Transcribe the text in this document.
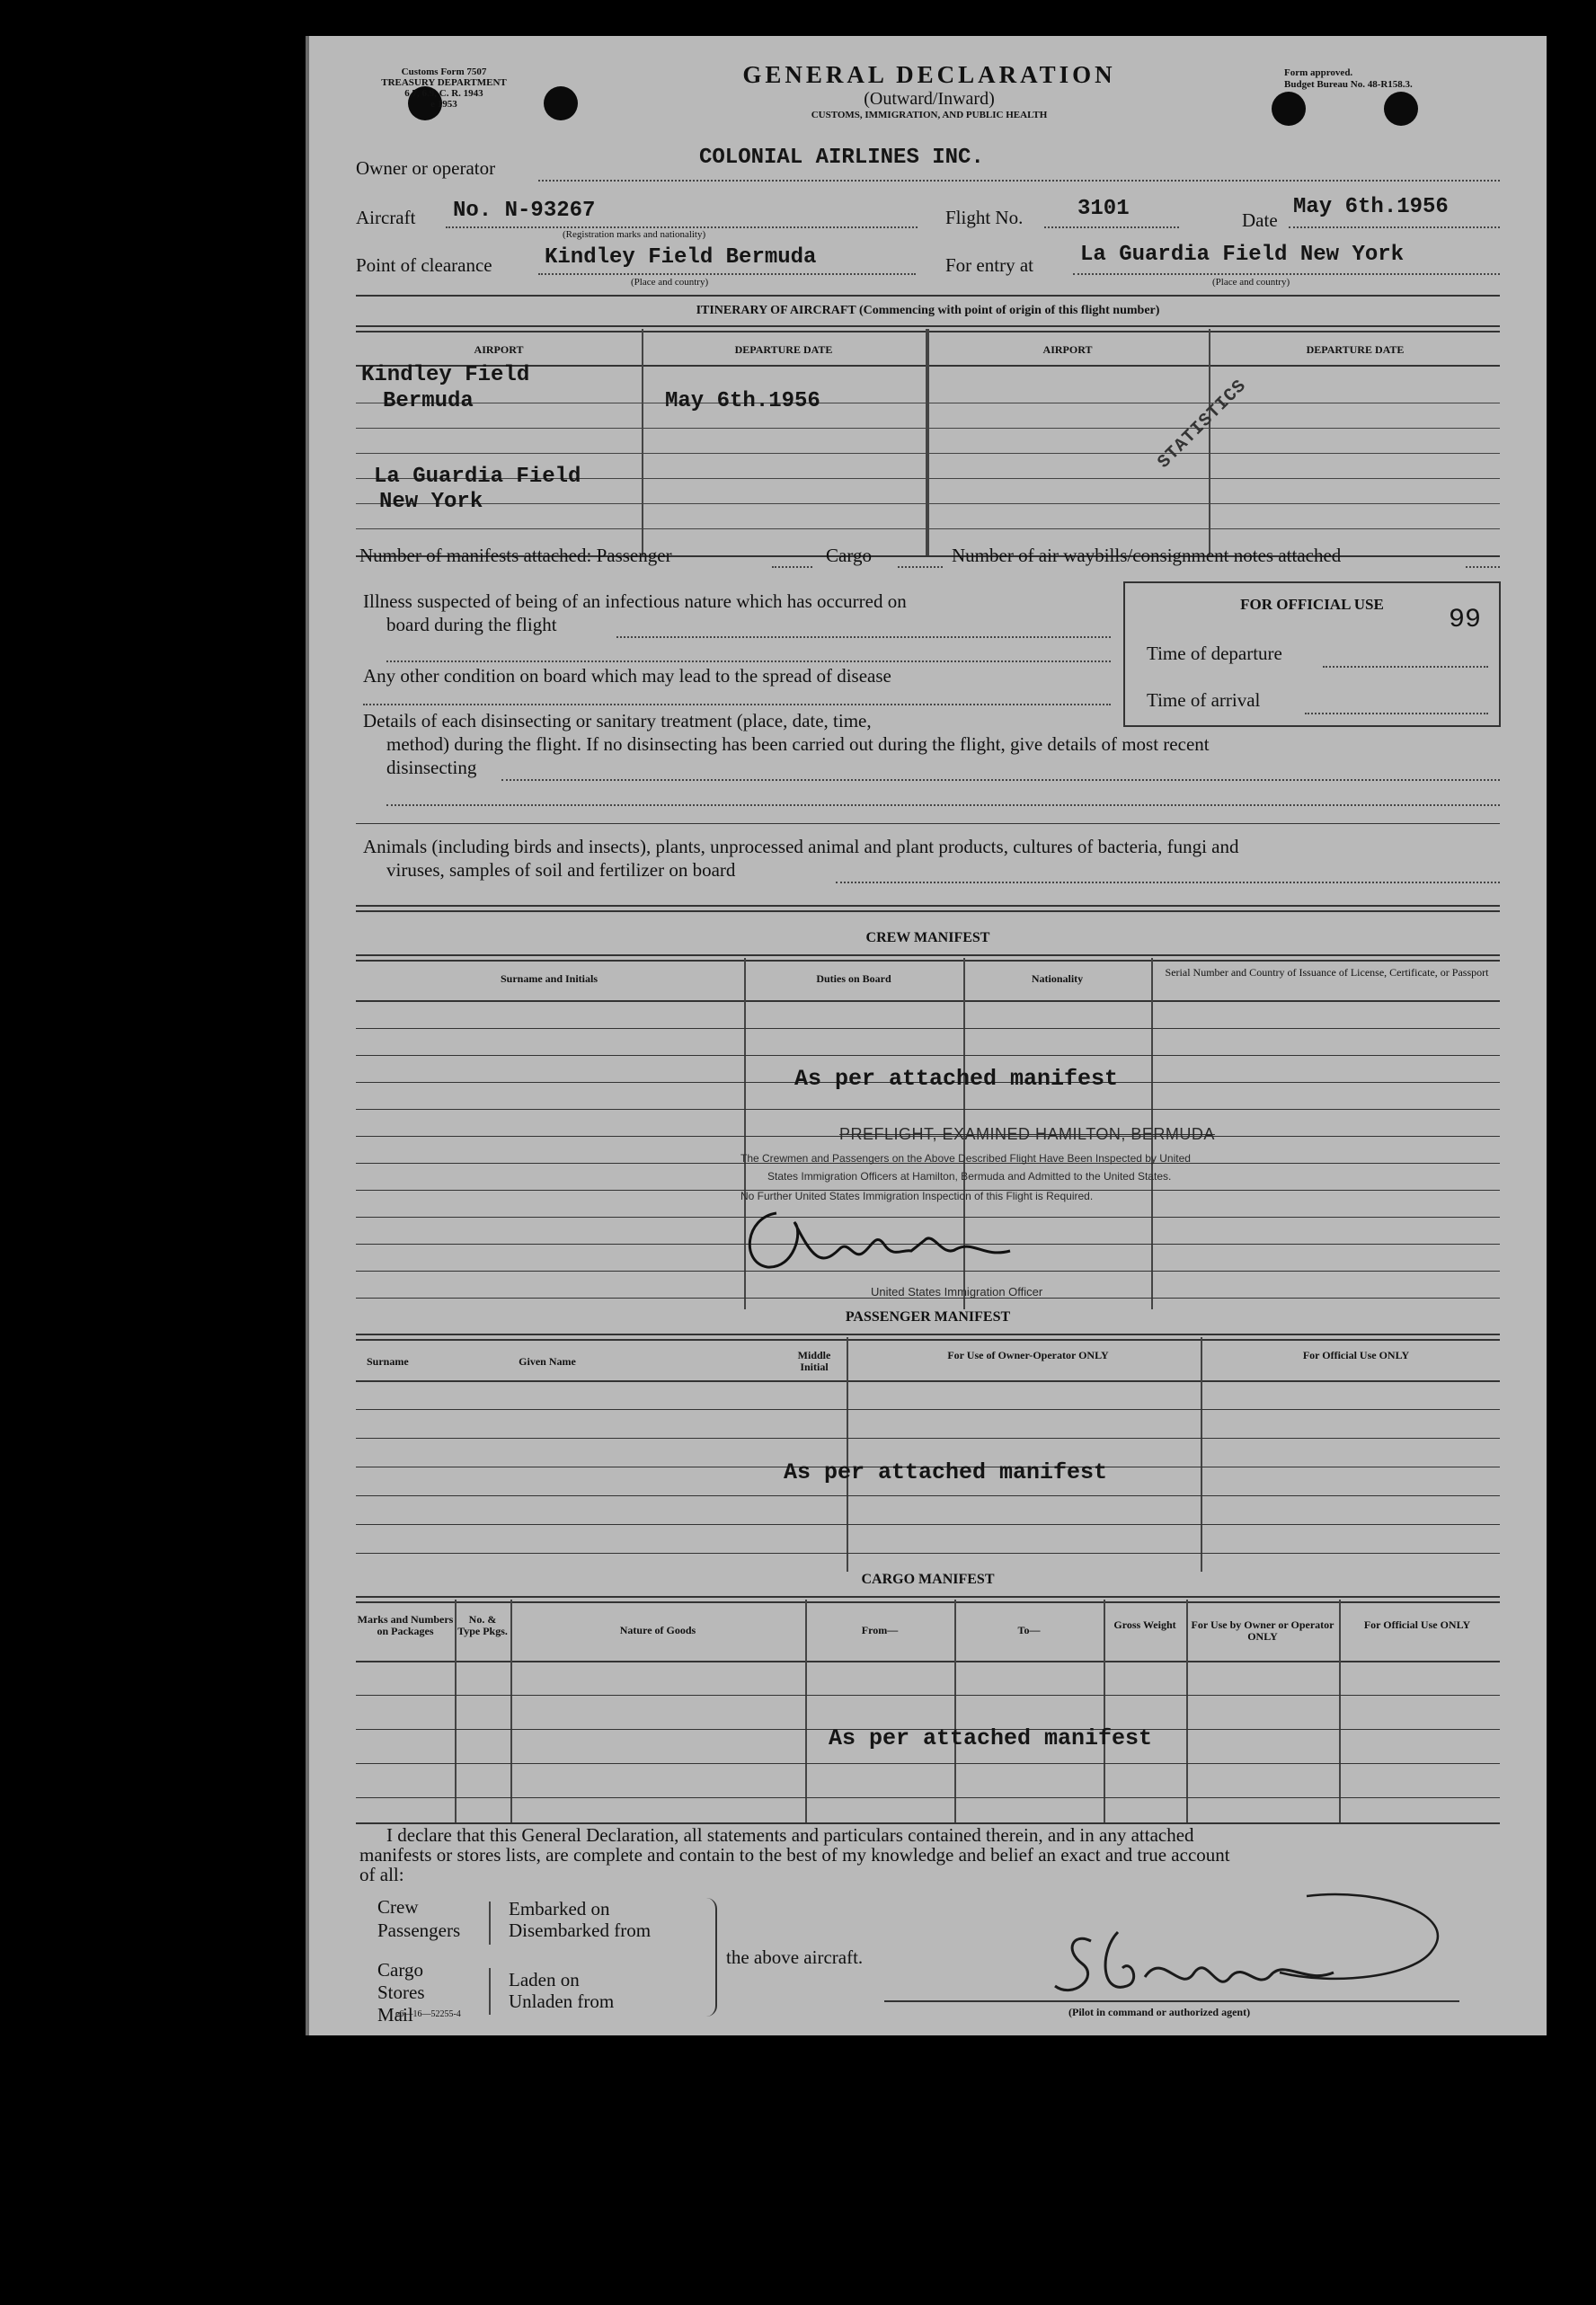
Customs Form 7507
TREASURY DEPARTMENT
6.7, 6.9, C. R. 1943
e 1953
GENERAL DECLARATION
(Outward/Inward)
CUSTOMS, IMMIGRATION, AND PUBLIC HEALTH
Form approved.
Budget Bureau No. 48-R158.3.
Owner or operator	COLONIAL AIRLINES INC.
Aircraft No. N-93267
(Registration marks and nationality)
Flight No.	3101	Date
May 6th.1956
Point of clearance Kindley Field Bermuda
(Place and country)
For entry at La Guardia Field New York
(Place and country)
ITINERARY OF AIRCRAFT (Commencing with point of origin of this flight number)
AIRPORT	DEPARTURE DATE	AIRPORT	DEPARTURE DATE
Kindley Field
Bermuda	May 6th.1956
La Guardia Field
New York
STATISTICS
Number of manifests attached: Passenger	Cargo	Number of air waybills/consignment notes attached
Illness suspected of being of an infectious nature which has occurred on
board during the flight
Any other condition on board which may lead to the spread of disease
Details of each disinsecting or sanitary treatment (place, date, time,
method) during the flight. If no disinsecting has been carried out during the flight, give details of most recent
disinsecting
Animals (including birds and insects), plants, unprocessed animal and plant products, cultures of bacteria, fungi and
viruses, samples of soil and fertilizer on board
FOR OFFICIAL USE
99
Time of departure
Time of arrival
CREW MANIFEST
Surname and Initials	Duties on Board	Nationality	Serial Number and Country of Issuance of License, Certificate, or Passport
As per attached manifest
PREFLIGHT, EXAMINED HAMILTON, BERMUDA
The Crewmen and Passengers on the Above Described Flight Have Been Inspected by United
States Immigration Officers at Hamilton, Bermuda and Admitted to the United States.
No Further United States Immigration Inspection of this Flight is Required.
United States Immigration Officer
PASSENGER MANIFEST
Surname	Given Name	Middle Initial
For Use of Owner-Operator ONLY	For Official Use ONLY
As per attached manifest
CARGO MANIFEST
Marks and Numbers on Packages
No. & Type Pkgs.	Nature of Goods	From—	To—	Gross Weight	For Use by Owner or Operator ONLY
For Official Use ONLY
As per attached manifest
I declare that this General Declaration, all statements and particulars contained therein, and in any attached
manifests or stores lists, are complete and contain to the best of my knowledge and belief an exact and true account
of all:
Crew
Passengers
Cargo
Stores
Mail
Embarked on
Disembarked from
Laden on
Unladen from
the above aircraft.
(Pilot in command or authorized agent)
e6—16—52255-4
